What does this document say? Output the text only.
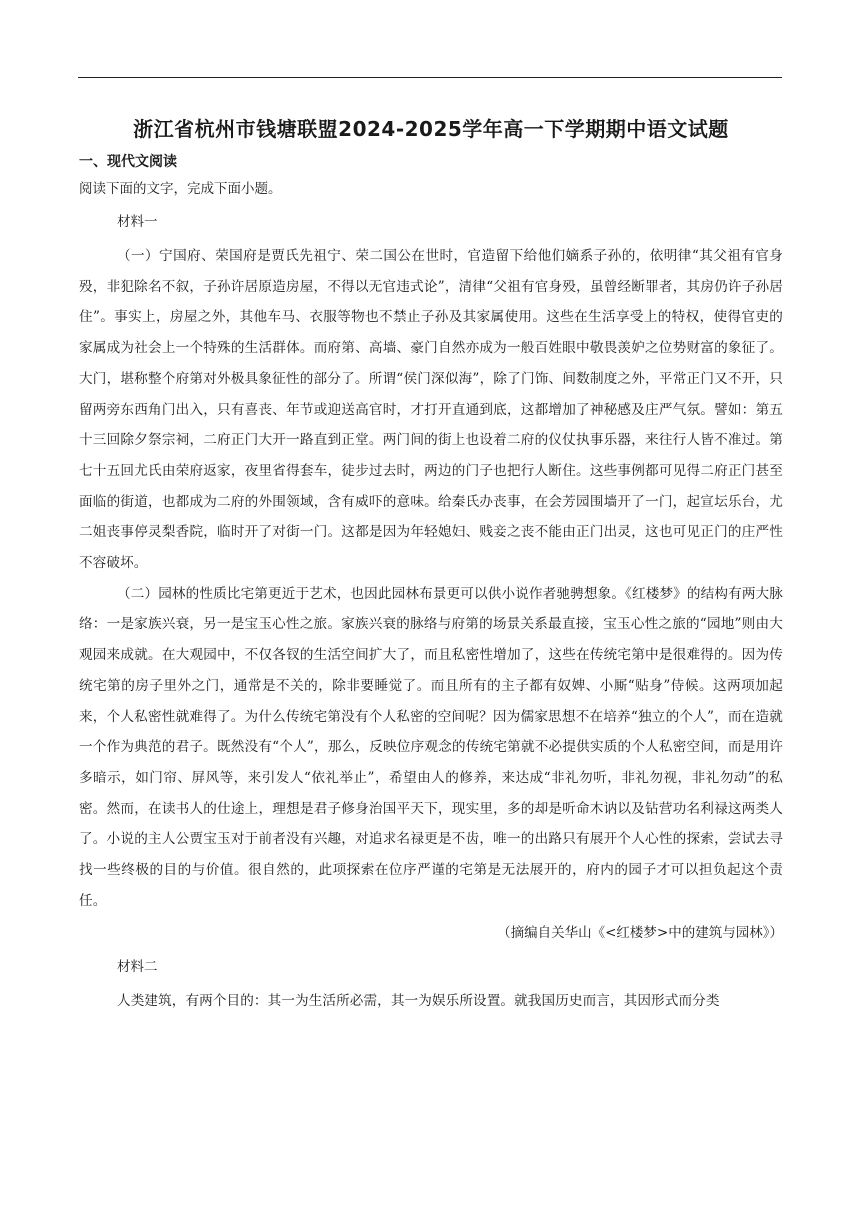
浙江省杭州市钱塘联盟2024-2025学年高一下学期期中语文试题

一、现代文阅读

阅读下面的文字，完成下面小题。

材料一

（一）宁国府、荣国府是贾氏先祖宁、荣二国公在世时，官造留下给他们嫡系子孙的，依明律“其父祖有官身殁，非犯除名不叙，子孙许居原造房屋，不得以无官违式论”，清律“父祖有官身殁，虽曾经断罪者，其房仍许子孙居住”。事实上，房屋之外，其他车马、衣服等物也不禁止子孙及其家属使用。这些在生活享受上的特权，使得官吏的家属成为社会上一个特殊的生活群体。而府第、高墙、豪门自然亦成为一般百姓眼中敬畏羡妒之位势财富的象征了。大门，堪称整个府第对外极具象征性的部分了。所谓“侯门深似海”，除了门饰、间数制度之外，平常正门又不开，只留两旁东西角门出入，只有喜丧、年节或迎送高官时，才打开直通到底，这都增加了神秘感及庄严气氛。譬如：第五十三回除夕祭宗祠，二府正门大开一路直到正堂。两门间的街上也设着二府的仪仗执事乐器，来往行人皆不准过。第七十五回尤氏由荣府返家，夜里省得套车，徒步过去时，两边的门子也把行人断住。这些事例都可见得二府正门甚至面临的街道，也都成为二府的外围领域，含有威吓的意味。给秦氏办丧事，在会芳园围墙开了一门，起宣坛乐台，尤二姐丧事停灵梨香院，临时开了对街一门。这都是因为年轻媳妇、贱妾之丧不能由正门出灵，这也可见正门的庄严性不容破坏。

（二）园林的性质比宅第更近于艺术，也因此园林布景更可以供小说作者驰骋想象。《红楼梦》的结构有两大脉络：一是家族兴衰，另一是宝玉心性之旅。家族兴衰的脉络与府第的场景关系最直接，宝玉心性之旅的“园地”则由大观园来成就。在大观园中，不仅各钗的生活空间扩大了，而且私密性增加了，这些在传统宅第中是很难得的。因为传统宅第的房子里外之门，通常是不关的，除非要睡觉了。而且所有的主子都有奴婢、小厮“贴身”侍候。这两项加起来，个人私密性就难得了。为什么传统宅第没有个人私密的空间呢？因为儒家思想不在培养“独立的个人”，而在造就一个作为典范的君子。既然没有“个人”，那么，反映位序观念的传统宅第就不必提供实质的个人私密空间，而是用许多暗示，如门帘、屏风等，来引发人“依礼举止”，希望由人的修养，来达成“非礼勿听，非礼勿视，非礼勿动”的私密。然而，在读书人的仕途上，理想是君子修身治国平天下，现实里，多的却是听命木讷以及钻营功名利禄这两类人了。小说的主人公贾宝玉对于前者没有兴趣，对追求名禄更是不齿，唯一的出路只有展开个人心性的探索，尝试去寻找一些终极的目的与价值。很自然的，此项探索在位序严谨的宅第是无法展开的，府内的园子才可以担负起这个责任。

（摘编自关华山《<红楼梦>中的建筑与园林》）

材料二

人类建筑，有两个目的：其一为生活所必需，其一为娱乐所设置。就我国历史而言，其因形式而分类
